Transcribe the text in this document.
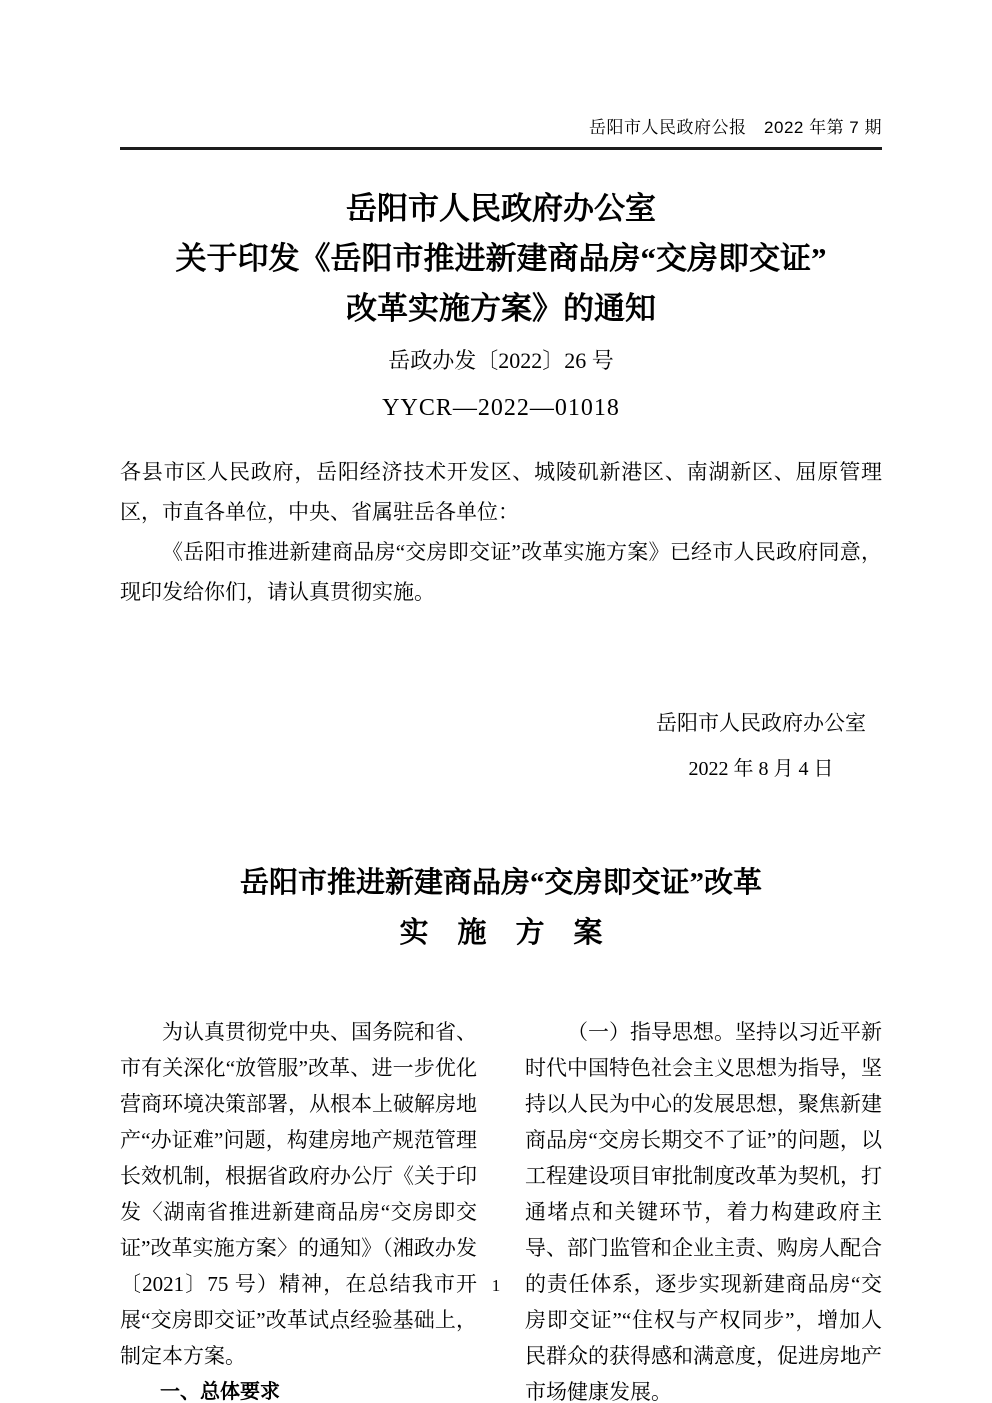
岳阳市人民政府公报　2022 年第 7 期
岳阳市人民政府办公室
关于印发《岳阳市推进新建商品房“交房即交证”
改革实施方案》的通知
岳政办发〔2022〕26 号
YYCR—2022—01018

各县市区人民政府，岳阳经济技术开发区、城陵矶新港区、南湖新区、屈原管理区，市直各单位，中央、省属驻岳各单位：

《岳阳市推进新建商品房“交房即交证”改革实施方案》已经市人民政府同意，现印发给你们，请认真贯彻实施。

岳阳市人民政府办公室
2022 年 8 月 4 日
岳阳市推进新建商品房“交房即交证”改革
实　施　方　案

为认真贯彻党中央、国务院和省、市有关深化“放管服”改革、进一步优化营商环境决策部署，从根本上破解房地产“办证难”问题，构建房地产规范管理长效机制，根据省政府办公厅《关于印发〈湖南省推进新建商品房“交房即交证”改革实施方案〉的通知》（湘政办发〔2021〕75 号）精神，在总结我市开展“交房即交证”改革试点经验基础上，制定本方案。

一、总体要求

（一）指导思想。坚持以习近平新时代中国特色社会主义思想为指导，坚持以人民为中心的发展思想，聚焦新建商品房“交房长期交不了证”的问题，以工程建设项目审批制度改革为契机，打通堵点和关键环节，着力构建政府主导、部门监管和企业主责、购房人配合的责任体系，逐步实现新建商品房“交房即交证”“住权与产权同步”，增加人民群众的获得感和满意度，促进房地产市场健康发展。

1
